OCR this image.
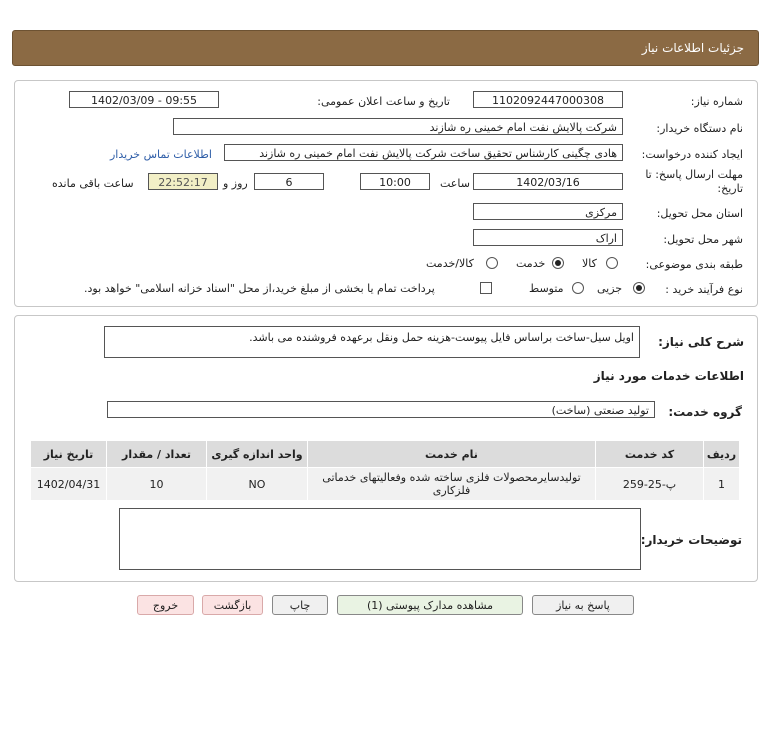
جزئیات اطلاعات نیاز
شماره نیاز:
1102092447000308
تاریخ و ساعت اعلان عمومی:
1402/03/09 - 09:55
نام دستگاه خریدار:
شرکت پالایش نفت امام خمینی ره شازند
ایجاد کننده درخواست:
هادی چگینی کارشناس تحقیق ساخت شرکت پالایش نفت امام خمینی ره شازند
اطلاعات تماس خریدار
مهلت ارسال پاسخ: تا تاریخ:
1402/03/16
ساعت
10:00
6
روز و
22:52:17
ساعت باقی مانده
استان محل تحویل:
مرکزی
شهر محل تحویل:
اراک
طبقه بندی موضوعی:
کالا
خدمت
کالا/خدمت
نوع فرآیند خرید :
جزیی
متوسط
پرداخت تمام یا بخشی از مبلغ خرید،از محل "اسناد خزانه اسلامی" خواهد بود.
شرح کلی نیاز:
اویل سیل-ساخت براساس فایل پیوست-هزینه حمل ونقل برعهده فروشنده می باشد.
اطلاعات خدمات مورد نیاز
گروه خدمت:
تولید صنعتی (ساخت)
ردیف	کد خدمت	نام خدمت	واحد اندازه گیری	تعداد / مقدار	تاریخ نیاز
1	پ-25-259	تولیدسایرمحصولات فلزی ساخته شده وفعالیتهای خدماتی فلزکاری	NO	10	1402/04/31
توضیحات خریدار:
پاسخ به نیاز
مشاهده مدارک پیوستی (1)
چاپ
بازگشت
خروج
